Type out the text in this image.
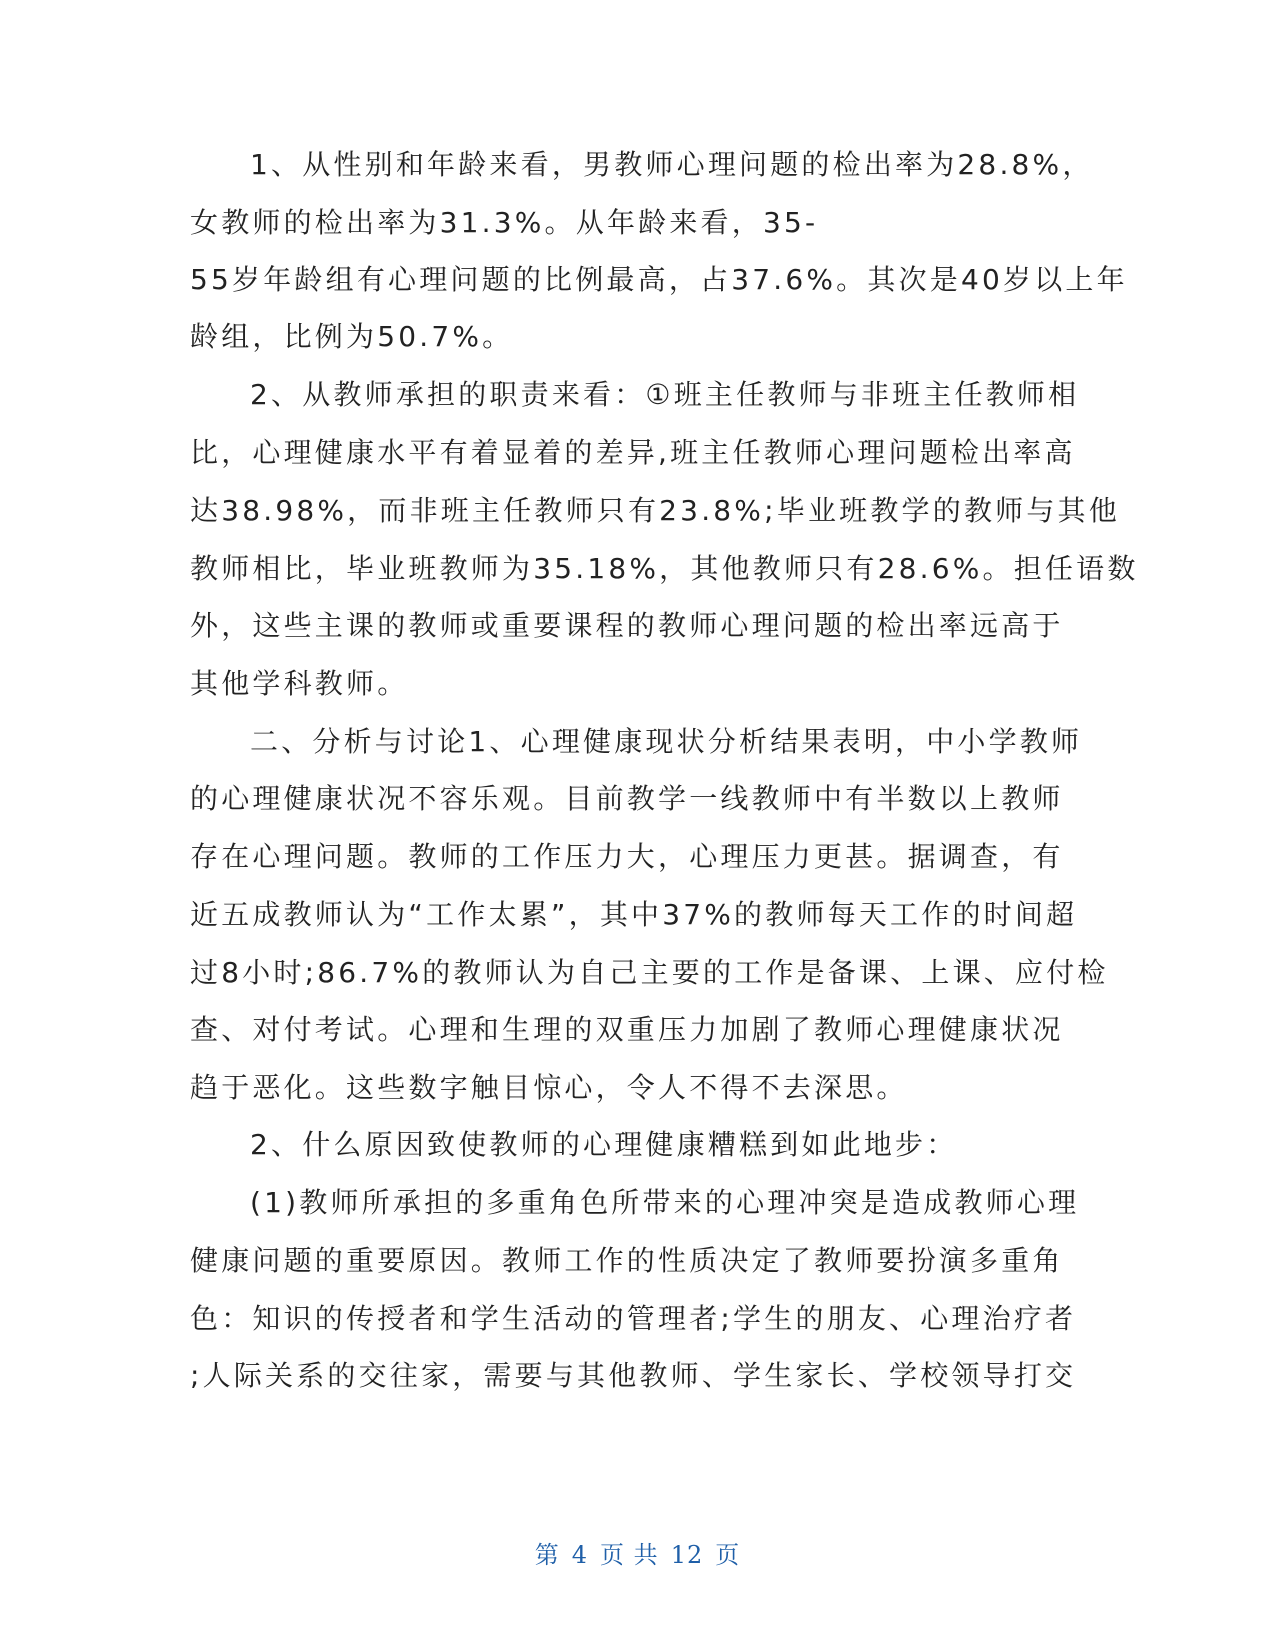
1、从性别和年龄来看，男教师心理问题的检出率为28.8%，
女教师的检出率为31.3%。从年龄来看，35-
55岁年龄组有心理问题的比例最高，占37.6%。其次是40岁以上年
龄组，比例为50.7%。
2、从教师承担的职责来看：①班主任教师与非班主任教师相
比，心理健康水平有着显着的差异,班主任教师心理问题检出率高
达38.98%，而非班主任教师只有23.8%;毕业班教学的教师与其他
教师相比，毕业班教师为35.18%，其他教师只有28.6%。担任语数
外，这些主课的教师或重要课程的教师心理问题的检出率远高于
其他学科教师。
二、分析与讨论1、心理健康现状分析结果表明，中小学教师
的心理健康状况不容乐观。目前教学一线教师中有半数以上教师
存在心理问题。教师的工作压力大，心理压力更甚。据调查，有
近五成教师认为“工作太累”，其中37%的教师每天工作的时间超
过8小时;86.7%的教师认为自己主要的工作是备课、上课、应付检
查、对付考试。心理和生理的双重压力加剧了教师心理健康状况
趋于恶化。这些数字触目惊心，令人不得不去深思。
2、什么原因致使教师的心理健康糟糕到如此地步：
(1)教师所承担的多重角色所带来的心理冲突是造成教师心理
健康问题的重要原因。教师工作的性质决定了教师要扮演多重角
色：知识的传授者和学生活动的管理者;学生的朋友、心理治疗者
;人际关系的交往家，需要与其他教师、学生家长、学校领导打交
第 4 页 共 12 页
